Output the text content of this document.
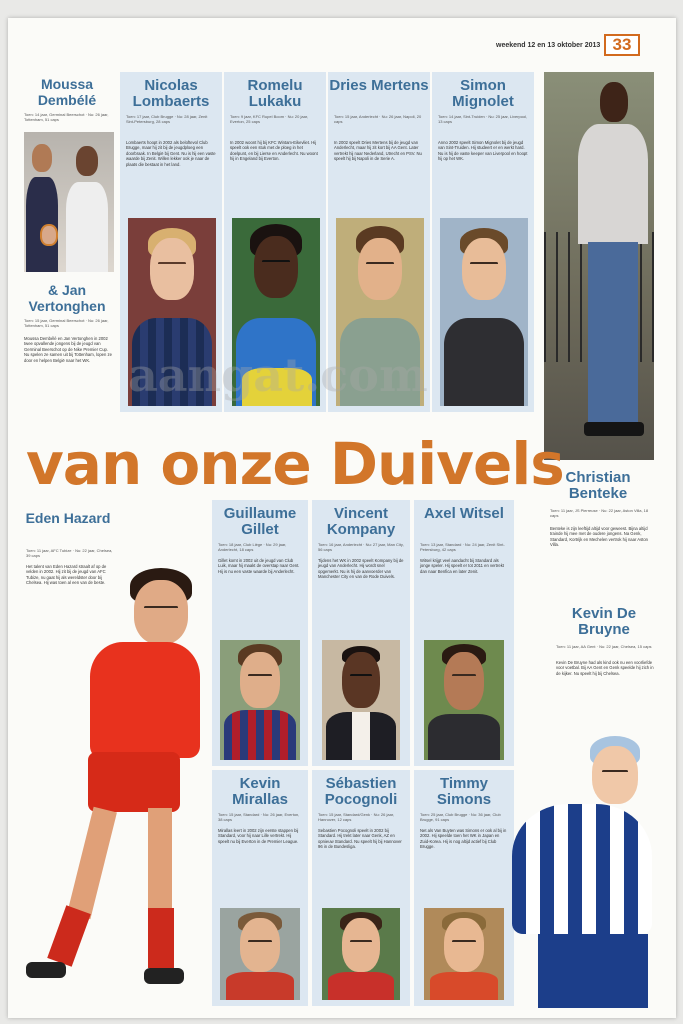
weekend 12 en 13 oktober 2013 33
Moussa Dembélé
Toen: 14 jaar, Germinal Beerschot · Nu: 26 jaar, Tottenham, 51 caps
& Jan Vertonghen
Toen: 15 jaar, Germinal Beerschot · Nu: 26 jaar, Tottenham, 51 caps
Moussa Dembélé en Jan Vertonghen in 2002 twee opvallende jongens bij de jeugd van Germinal Beerschot op de Nike Premier Cup. Nu spelen ze samen uit bij Tottenham, lopen ze door en helpen België naar het WK.
Nicolas Lombaerts
Toen: 17 jaar, Club Brugge · Nu: 28 jaar, Zenit Sint-Petersburg, 28 caps
Lombaerts hoopt in 2002 als beloftevol Club Brugge, maar hij zit bij de jeugdploeg een doorbraak. In België bij Gent. Nu is hij een vaste waarde bij Zenit. Willen lekker ook je naar de plaats die bestaat in het land.
Romelu Lukaku
Toen: 9 jaar, KFC Rupel Boom · Nu: 20 jaar, Everton, 25 caps
In 2002 woont hij bij KFC Wintam-Eikevliet. Hij speelt ook een stuk met de ploeg in het doelpunt, en bij Lierse en Anderlecht. Nu woont hij in Engeland bij Everton.
Dries Mertens
Toen: 15 jaar, Anderlecht · Nu: 26 jaar, Napoli, 20 caps
In 2002 speelt Dries Mertens bij de jeugd van Anderlecht, maar hij zit kort bij AA Gent. Later vertrekt hij naar Nederland, Utrecht en PSV. Nu speelt hij bij Napoli in de Serie A.
Simon Mignolet
Toen: 14 jaar, Sint-Truiden · Nu: 25 jaar, Liverpool, 13 caps
Anno 2002 speelt Simon Mignolet bij de jeugd van Sint-Truiden. Hij studeert er en werkt hard. Nu is hij de vaste keeper van Liverpool en hoopt hij op het WK.
Christian Benteke
Toen: 11 jaar, JS Pierreuse · Nu: 22 jaar, Aston Villa, 18 caps
Benteke is zijn leeftijd altijd voor geweest. Bijna altijd trainde hij mee met de oudere jongens. Na Genk, Standard, Kortrijk en Mechelen vertrok hij naar Aston Villa.
aangat.com
van onze Duivels
Eden Hazard
Toen: 11 jaar, AFC Tubize · Nu: 22 jaar, Chelsea, 39 caps
Het talent van Eden Hazard straalt af op de velden in 2002. Hij zit bij de jeugd van AFC Tubize, nu gaat hij als wereldster door bij Chelsea. Hij was toen al een van de beste.
Guillaume Gillet
Toen: 18 jaar, Club Liège · Nu: 29 jaar, Anderlecht, 18 caps
Gillet komt in 2002 uit de jeugd van Club Luik, maar hij maakt de overstap naar Gent. Hij is nu een vaste waarde bij Anderlecht.
Vincent Kompany
Toen: 16 jaar, Anderlecht · Nu: 27 jaar, Man City, 56 caps
Tijdens het WK in 2002 speelt Kompany bij de jeugd van Anderlecht. Hij wordt snel opgemerkt. Nu is hij de aanvoerder van Manchester City en van de Rode Duivels.
Axel Witsel
Toen: 13 jaar, Standard · Nu: 24 jaar, Zenit Sint-Petersburg, 42 caps
Witsel krijgt veel aandacht bij Standard als jonge speler. Hij speelt er tot 2011 en vertrekt dan naar Benfica en later Zenit.
Kevin Mirallas
Toen: 15 jaar, Standard · Nu: 26 jaar, Everton, 38 caps
Mirallas leert in 2002 zijn eerste stappen bij Standard, voor hij naar Lille vertrekt. Hij speelt nu bij Everton in de Premier League.
Sébastien Pocognoli
Toen: 15 jaar, Standard/Genk · Nu: 26 jaar, Hannover, 12 caps
Sebastien Pocognoli speelt in 2002 bij Standard. Hij trekt later naar Genk, AZ en opnieuw Standard. Nu speelt hij bij Hannover 96 in de Bundesliga.
Timmy Simons
Toen: 25 jaar, Club Brugge · Nu: 36 jaar, Club Brugge, 91 caps
Net als Van Buyten was Simons er ook al bij in 2002. Hij speelde toen het WK in Japan en Zuid-Korea. Hij is nog altijd actief bij Club Brugge.
Kevin De Bruyne
Toen: 11 jaar, AA Gent · Nu: 22 jaar, Chelsea, 15 caps
Kevin De Bruyne had als kind ook nu een voorliefde voor voetbal. Bij AA Gent en Genk speelde hij zich in de kijker. Nu speelt hij bij Chelsea.
